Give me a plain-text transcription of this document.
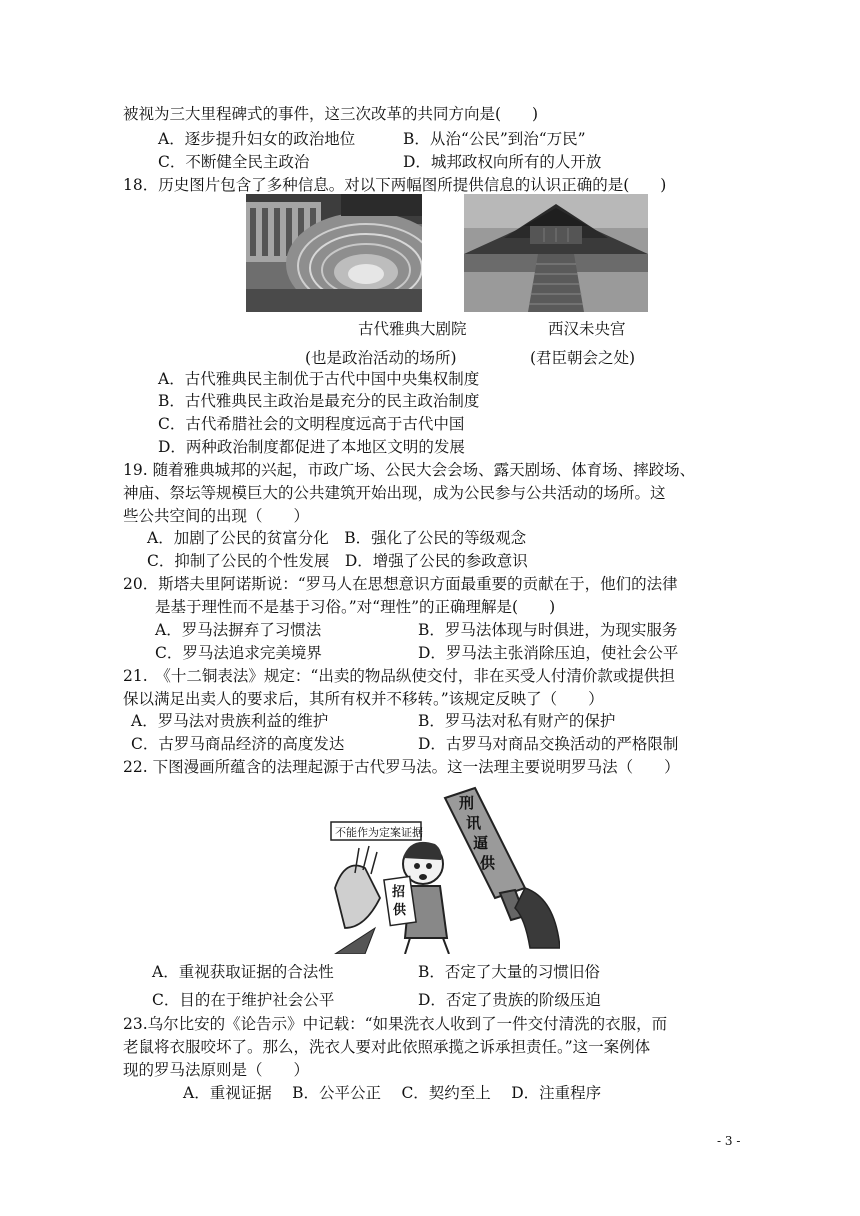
被视为三大里程碑式的事件，这三次改革的共同方向是(　　)
A．逐步提升妇女的政治地位	B．从治“公民”到治“万民”
C．不断健全民主政治	D．城邦政权向所有的人开放
18．历史图片包含了多种信息。对以下两幅图所提供信息的认识正确的是(　　)
古代雅典大剧院	西汉未央宫
(也是政治活动的场所)	(君臣朝会之处)
A．古代雅典民主制优于古代中国中央集权制度
B．古代雅典民主政治是最充分的民主政治制度
C．古代希腊社会的文明程度远高于古代中国
D．两种政治制度都促进了本地区文明的发展
19. 随着雅典城邦的兴起，市政广场、公民大会会场、露天剧场、体育场、摔跤场、
神庙、祭坛等规模巨大的公共建筑开始出现，成为公民参与公共活动的场所。这
些公共空间的出现（　　）
A．加剧了公民的贫富分化　B．强化了公民的等级观念
C．抑制了公民的个性发展　D．增强了公民的参政意识
20．斯塔夫里阿诺斯说：“罗马人在思想意识方面最重要的贡献在于，他们的法律
是基于理性而不是基于习俗。”对“理性”的正确理解是(　　)
A．罗马法摒弃了习惯法	B．罗马法体现与时俱进，为现实服务
C．罗马法追求完美境界	D．罗马法主张消除压迫，使社会公平
21.　《十二铜表法》规定：“出卖的物品纵使交付，非在买受人付清价款或提供担
保以满足出卖人的要求后，其所有权并不移转。”该规定反映了（　　）
A．罗马法对贵族利益的维护	B．罗马法对私有财产的保护
C．古罗马商品经济的高度发达	D．古罗马对商品交换活动的严格限制
22. 下图漫画所蕴含的法理起源于古代罗马法。这一法理主要说明罗马法（　　）
刑 讯 逼 供
不能作为定案证据
招 供
A．重视获取证据的合法性	B．否定了大量的习惯旧俗
C．目的在于维护社会公平	D．否定了贵族的阶级压迫
23.乌尔比安的《论告示》中记载：“如果洗衣人收到了一件交付清洗的衣服，而
老鼠将衣服咬坏了。那么，洗衣人要对此依照承揽之诉承担责任。”这一案例体
现的罗马法原则是（　　）
A．重视证据　 B．公平公正　 C．契约至上　 D．注重程序
- 3 -
